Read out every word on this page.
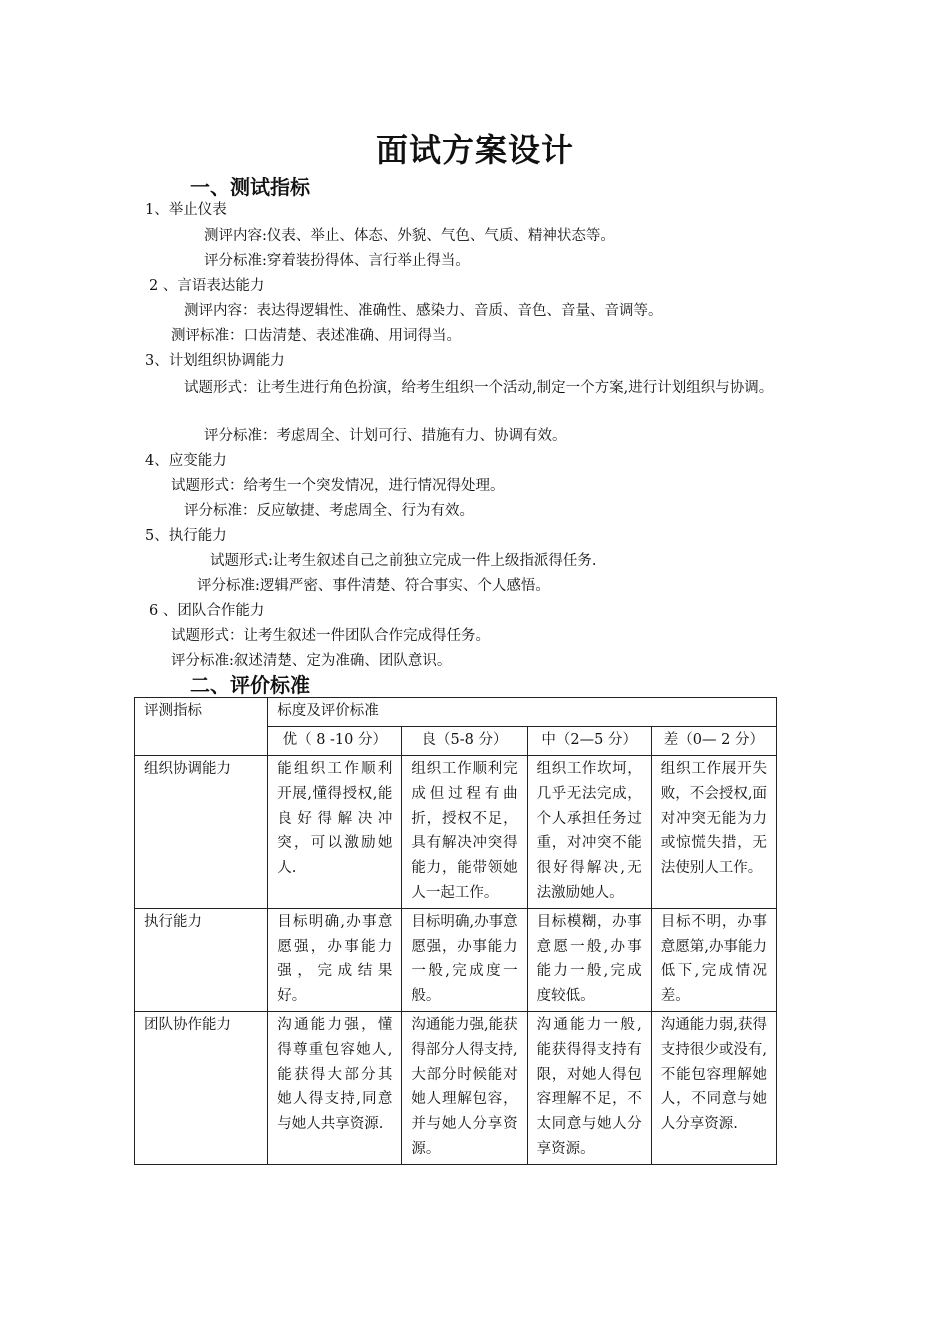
面试方案设计
一、测试指标
1、举止仪表
测评内容:仪表、举止、体态、外貌、气色、气质、精神状态等。
评分标准:穿着装扮得体、言行举止得当。
2 、言语表达能力
测评内容：表达得逻辑性、准确性、感染力、音质、音色、音量、音调等。
测评标准：口齿清楚、表述准确、用词得当。
3、计划组织协调能力
试题形式：让考生进行角色扮演，给考生组织一个活动,制定一个方案,进行计划组织与协调。
评分标准：考虑周全、计划可行、措施有力、协调有效。
4、应变能力
试题形式：给考生一个突发情况，进行情况得处理。
评分标准：反应敏捷、考虑周全、行为有效。
5、执行能力
试题形式:让考生叙述自己之前独立完成一件上级指派得任务.
评分标准:逻辑严密、事件清楚、符合事实、个人感悟。
6 、团队合作能力
试题形式：让考生叙述一件团队合作完成得任务。
评分标准:叙述清楚、定为准确、团队意识。
二、评价标准
评测指标	标度及评价标准			
	优（ 8 -10 分）	良（5-8 分）	中（2—5 分）	差（0— 2 分）
组织协调能力	能组织工作顺利开展,懂得授权,能良好得解决冲突，可以激励她人.	组织工作顺利完成但过程有曲折，授权不足，具有解决冲突得能力，能带领她人一起工作。	组织工作坎坷，几乎无法完成，个人承担任务过重，对冲突不能很好得解决,无法激励她人。	组织工作展开失败，不会授权,面对冲突无能为力或惊慌失措，无法使别人工作。
执行能力	目标明确,办事意愿强，办事能力强，完成结果好。	目标明确,办事意愿强，办事能力一般,完成度一般。	目标模糊，办事意愿一般,办事能力一般,完成度较低。	目标不明，办事意愿第,办事能力低下,完成情况差。
团队协作能力	沟通能力强，懂得尊重包容她人,能获得大部分其她人得支持,同意与她人共享资源.	沟通能力强,能获得部分人得支持,大部分时候能对她人理解包容，并与她人分享资源。	沟通能力一般,能获得得支持有限，对她人得包容理解不足，不太同意与她人分享资源。	沟通能力弱,获得支持很少或没有,不能包容理解她人，不同意与她人分享资源.
